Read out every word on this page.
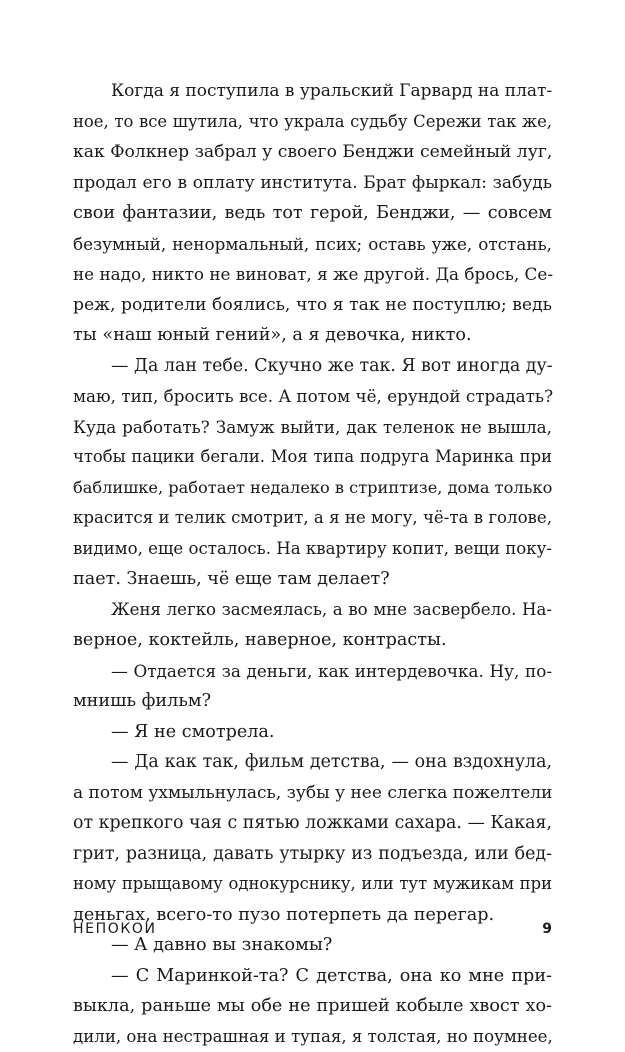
Когда я поступила в уральский Гарвард на плат-
ное, то все шутила, что украла судьбу Сережи так же,
как Фолкнер забрал у своего Бенджи семейный луг,
продал его в оплату института. Брат фыркал: забудь
свои фантазии, ведь тот герой, Бенджи, — совсем
безумный, ненормальный, псих; оставь уже, отстань,
не надо, никто не виноват, я же другой. Да брось, Се-
реж, родители боялись, что я так не поступлю; ведь
ты «наш юный гений», а я девочка, никто.
— Да лан тебе. Скучно же так. Я вот иногда ду-
маю, тип, бросить все. А потом чё, ерундой страдать?
Куда работать? Замуж выйти, дак теленок не вышла,
чтобы пацики бегали. Моя типа подруга Маринка при
баблишке, работает недалеко в стриптизе, дома только
красится и телик смотрит, а я не могу, чё-та в голове,
видимо, еще осталось. На квартиру копит, вещи поку-
пает. Знаешь, чё еще там делает?
Женя легко засмеялась, а во мне засвербело. На-
верное, коктейль, наверное, контрасты.
— Отдается за деньги, как интердевочка. Ну, по-
мнишь фильм?
— Я не смотрела.
— Да как так, фильм детства, — она вздохнула,
а потом ухмыльнулась, зубы у нее слегка пожелтели
от крепкого чая с пятью ложками сахара. — Какая,
грит, разница, давать утырку из подъезда, или бед-
ному прыщавому однокурснику, или тут мужикам при
деньгах, всего-то пузо потерпеть да перегар.
— А давно вы знакомы?
— С Маринкой-та? С детства, она ко мне при-
выкла, раньше мы обе не пришей кобыле хвост хо-
дили, она нестрашная и тупая, я толстая, но поумнее,
НЕПОКОИ	9
